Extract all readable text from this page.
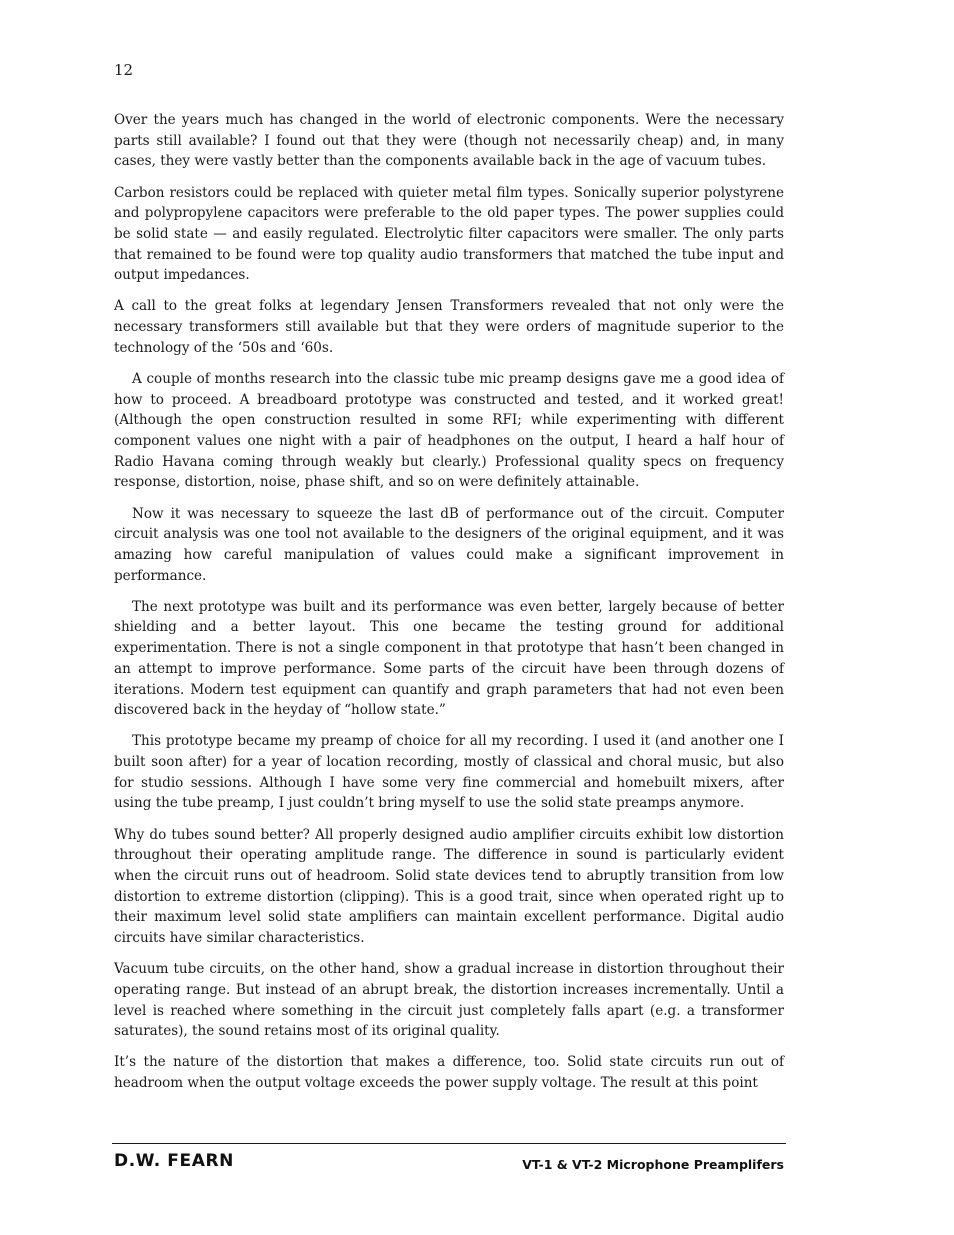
12

Over the years much has changed in the world of electronic components. Were the necessary parts still available? I found out that they were (though not necessarily cheap) and, in many cases, they were vastly better than the components available back in the age of vacuum tubes.

Carbon resistors could be replaced with quieter metal film types. Sonically superior polystyrene and polypropylene capacitors were preferable to the old paper types. The power supplies could be solid state — and easily regulated. Electrolytic filter capacitors were smaller. The only parts that remained to be found were top quality audio transformers that matched the tube input and output impedances.

A call to the great folks at legendary Jensen Transformers revealed that not only were the necessary transformers still available but that they were orders of magnitude superior to the technology of the ‘50s and ‘60s.

A couple of months research into the classic tube mic preamp designs gave me a good idea of how to proceed. A breadboard prototype was constructed and tested, and it worked great! (Although the open construction resulted in some RFI; while experimenting with different component values one night with a pair of headphones on the output, I heard a half hour of Radio Havana coming through weakly but clearly.) Professional quality specs on frequency response, distortion, noise, phase shift, and so on were definitely attainable.

Now it was necessary to squeeze the last dB of performance out of the circuit. Computer circuit analysis was one tool not available to the designers of the original equipment, and it was amazing how careful manipulation of values could make a significant improvement in performance.

The next prototype was built and its performance was even better, largely because of better shielding and a better layout. This one became the testing ground for additional experimentation. There is not a single component in that prototype that hasn’t been changed in an attempt to improve performance. Some parts of the circuit have been through dozens of iterations. Modern test equipment can quantify and graph parameters that had not even been discovered back in the heyday of “hollow state.”

This prototype became my preamp of choice for all my recording. I used it (and another one I built soon after) for a year of location recording, mostly of classical and choral music, but also for studio sessions. Although I have some very fine commercial and homebuilt mixers, after using the tube preamp, I just couldn’t bring myself to use the solid state preamps anymore.

Why do tubes sound better? All properly designed audio amplifier circuits exhibit low distortion throughout their operating amplitude range. The difference in sound is particularly evident when the circuit runs out of headroom. Solid state devices tend to abruptly transition from low distortion to extreme distortion (clipping). This is a good trait, since when operated right up to their maximum level solid state amplifiers can maintain excellent performance. Digital audio circuits have similar characteristics.

Vacuum tube circuits, on the other hand, show a gradual increase in distortion throughout their operating range. But instead of an abrupt break, the distortion increases incrementally. Until a level is reached where something in the circuit just completely falls apart (e.g. a transformer saturates), the sound retains most of its original quality.

It’s the nature of the distortion that makes a difference, too. Solid state circuits run out of headroom when the output voltage exceeds the power supply voltage. The result at this point

D.W. FEARN	VT-1 & VT-2 Microphone Preamplifers
